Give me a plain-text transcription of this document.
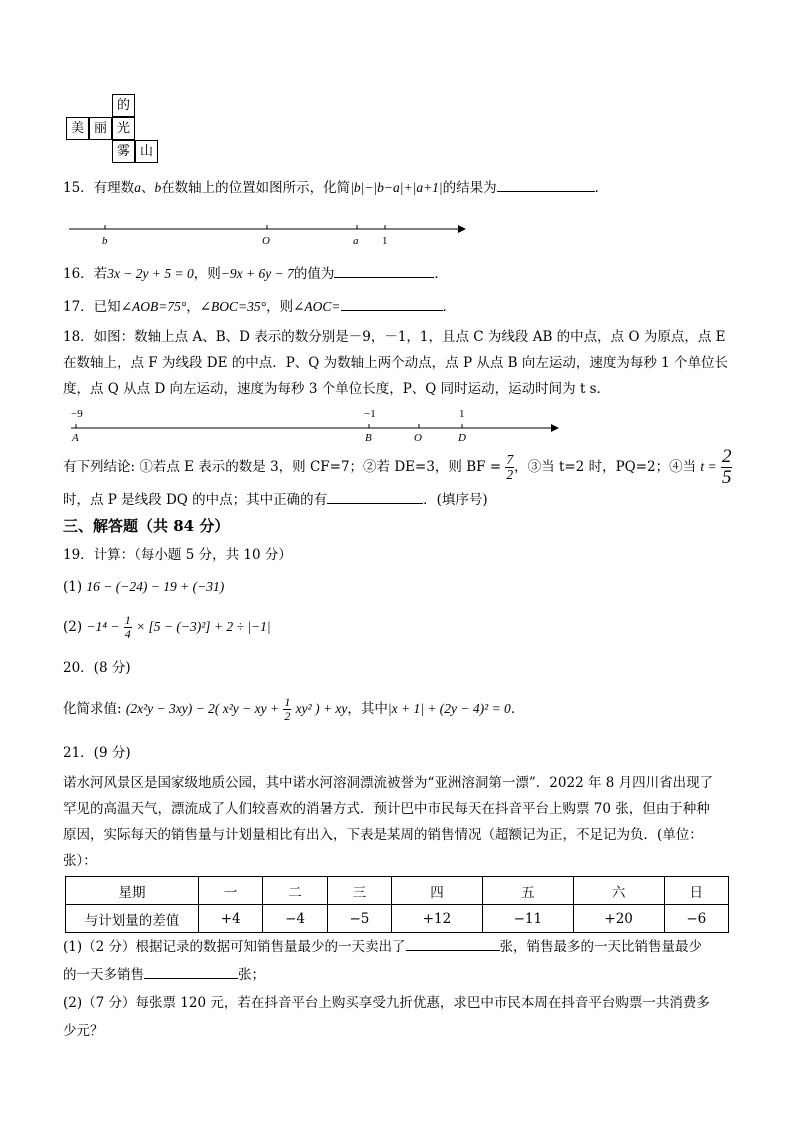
的
美 丽 光
雾 山
15．有理数a、b在数轴上的位置如图所示，化简|b|−|b−a|+|a+1|的结果为	．
b	O	a 1
16．若3x − 2y + 5 = 0，则−9x + 6y − 7的值为	．
17．已知∠AOB=75°，∠BOC=35°，则∠AOC=	．
18．如图：数轴上点 A、B、D 表示的数分别是－9，－1，1，且点 C 为线段 AB 的中点，点 O 为原点，点 E
在数轴上，点 F 为线段 DE 的中点．P、Q 为数轴上两个动点，点 P 从点 B 向左运动，速度为每秒 1 个单位长
度，点 Q 从点 D 向左运动，速度为每秒 3 个单位长度，P、Q 同时运动，运动时间为 t s．
−9	−1	1
A	B	O	D
有下列结论: ①若点 E 表示的数是 3，则 CF=7；②若 DE=3，则 BF = $\frac{7}{2}$ ，③当 t=2 时，PQ=2；④当 $t = \frac{2}{5}$
时，点 P 是线段 DQ 的中点；其中正确的有	．(填序号)
三、解答题（共 84 分）
19．计算：（每小题 5 分，共 10 分）
(1) 16 − (−24) − 19 + (−31)
$(2) -1^4 - \frac{1}{4} \times [5 - (-3)^2] + 2 \div |-1|$
20．(8 分)
化简求值: (2x²y − 3xy) − 2( x²y − xy + $\frac{1}{2} xy^2$ ) + xy，其中|x + 1| + (2y − 4)² = 0．
21．(9 分)
诺水河风景区是国家级地质公园，其中诺水河溶洞漂流被誉为“亚洲溶洞第一漂”．2022 年 8 月四川省出现了
罕见的高温天气，漂流成了人们较喜欢的消暑方式．预计巴中市民每天在抖音平台上购票 70 张，但由于种种
原因，实际每天的销售量与计划量相比有出入，下表是某周的销售情况（超额记为正，不足记为负．(单位：
张）：
星期	一	二	三	四	五	六	日
与计划量的差值	+4	−4	−5	+12	−11	+20	−6
(1)（2 分）根据记录的数据可知销售量最少的一天卖出了	张，销售最多的一天比销售量最少
的一天多销售	张；
(2)（7 分）每张票 120 元，若在抖音平台上购买享受九折优惠，求巴中市民本周在抖音平台购票一共消费多
少元？
